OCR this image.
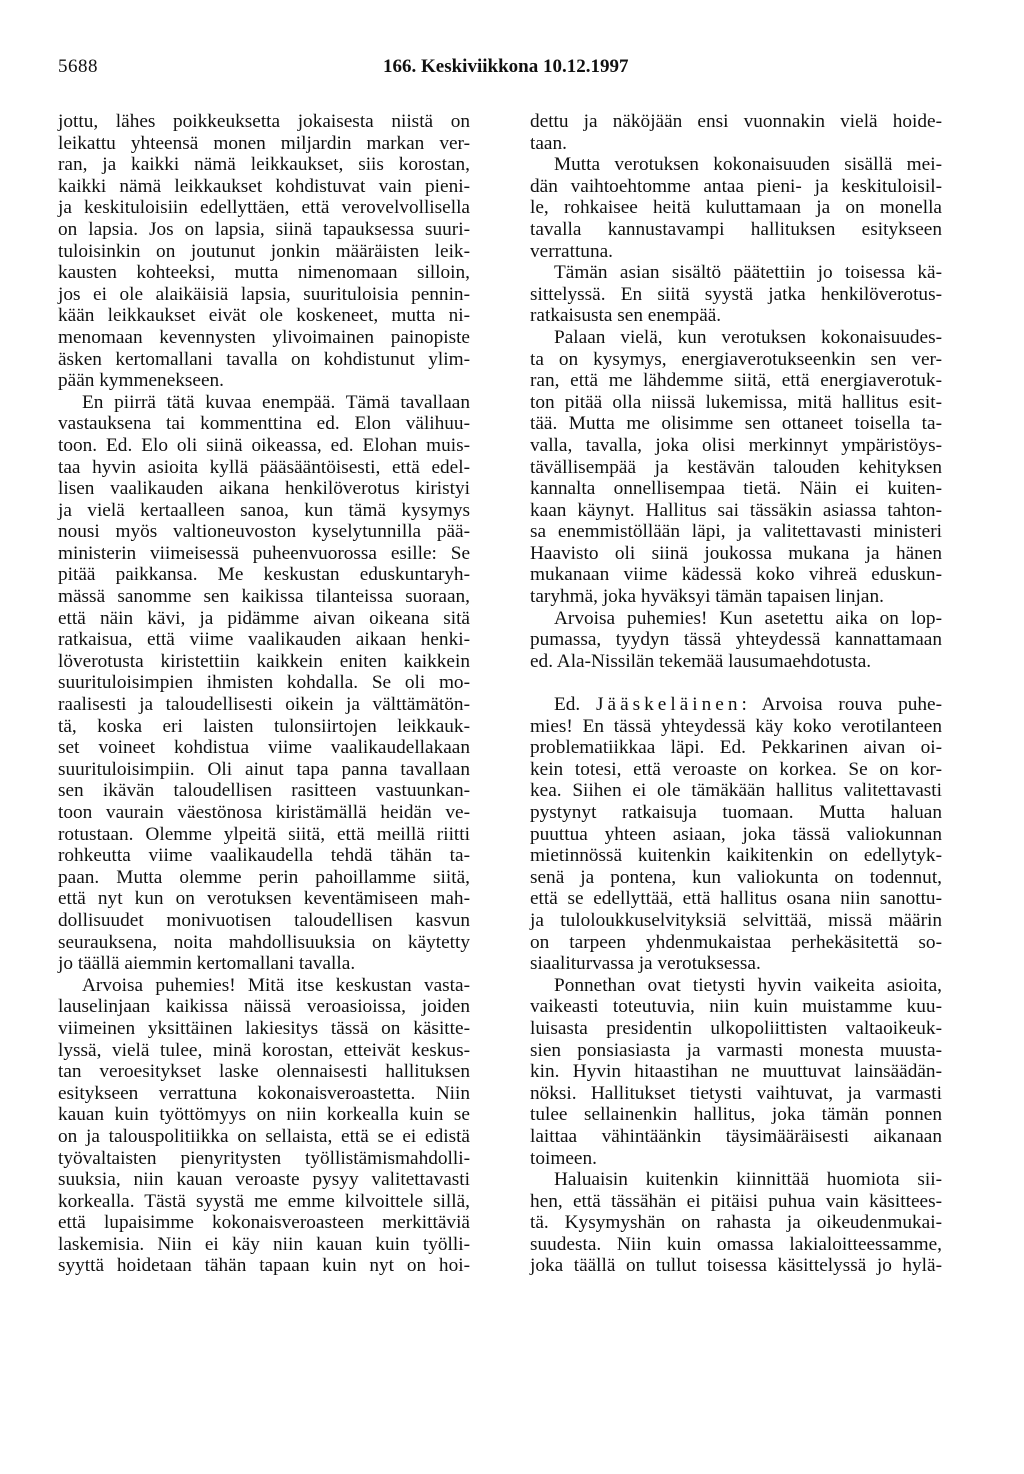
5688	166. Keskiviikkona 10.12.1997
jottu, lähes poikkeuksetta jokaisesta niistä on
leikattu yhteensä monen miljardin markan ver-
ran, ja kaikki nämä leikkaukset, siis korostan,
kaikki nämä leikkaukset kohdistuvat vain pieni-
ja keskituloisiin edellyttäen, että verovelvollisella
on lapsia. Jos on lapsia, siinä tapauksessa suuri-
tuloisinkin on joutunut jonkin määräisten leik-
kausten kohteeksi, mutta nimenomaan silloin,
jos ei ole alaikäisiä lapsia, suurituloisia pennin-
kään leikkaukset eivät ole koskeneet, mutta ni-
menomaan kevennysten ylivoimainen painopiste
äsken kertomallani tavalla on kohdistunut ylim-
pään kymmenekseen.
En piirrä tätä kuvaa enempää. Tämä tavallaan
vastauksena tai kommenttina ed. Elon välihuu-
toon. Ed. Elo oli siinä oikeassa, ed. Elohan muis-
taa hyvin asioita kyllä pääsääntöisesti, että edel-
lisen vaalikauden aikana henkilöverotus kiristyi
ja vielä kertaalleen sanoa, kun tämä kysymys
nousi myös valtioneuvoston kyselytunnilla pää-
ministerin viimeisessä puheenvuorossa esille: Se
pitää paikkansa. Me keskustan eduskuntaryh-
mässä sanomme sen kaikissa tilanteissa suoraan,
että näin kävi, ja pidämme aivan oikeana sitä
ratkaisua, että viime vaalikauden aikaan henki-
löverotusta kiristettiin kaikkein eniten kaikkein
suurituloisimpien ihmisten kohdalla. Se oli mo-
raalisesti ja taloudellisesti oikein ja välttämätön-
tä, koska eri laisten tulonsiirtojen leikkauk-
set voineet kohdistua viime vaalikaudellakaan
suurituloisimpiin. Oli ainut tapa panna tavallaan
sen ikävän taloudellisen rasitteen vastuunkan-
toon vaurain väestönosa kiristämällä heidän ve-
rotustaan. Olemme ylpeitä siitä, että meillä riitti
rohkeutta viime vaalikaudella tehdä tähän ta-
paan. Mutta olemme perin pahoillamme siitä,
että nyt kun on verotuksen keventämiseen mah-
dollisuudet monivuotisen taloudellisen kasvun
seurauksena, noita mahdollisuuksia on käytetty
jo täällä aiemmin kertomallani tavalla.
Arvoisa puhemies! Mitä itse keskustan vasta-
lauselinjaan kaikissa näissä veroasioissa, joiden
viimeinen yksittäinen lakiesitys tässä on käsitte-
lyssä, vielä tulee, minä korostan, etteivät keskus-
tan veroesitykset laske olennaisesti hallituksen
esitykseen verrattuna kokonaisveroastetta. Niin
kauan kuin työttömyys on niin korkealla kuin se
on ja talouspolitiikka on sellaista, että se ei edistä
työvaltaisten pienyritysten työllistämismahdolli-
suuksia, niin kauan veroaste pysyy valitettavasti
korkealla. Tästä syystä me emme kilvoittele sillä,
että lupaisimme kokonaisveroasteen merkittäviä
laskemisia. Niin ei käy niin kauan kuin työlli-
syyttä hoidetaan tähän tapaan kuin nyt on hoi-
dettu ja näköjään ensi vuonnakin vielä hoide-
taan.
Mutta verotuksen kokonaisuuden sisällä mei-
dän vaihtoehtomme antaa pieni- ja keskituloisil-
le, rohkaisee heitä kuluttamaan ja on monella
tavalla kannustavampi hallituksen esitykseen
verrattuna.
Tämän asian sisältö päätettiin jo toisessa kä-
sittelyssä. En siitä syystä jatka henkilöverotus-
ratkaisusta sen enempää.
Palaan vielä, kun verotuksen kokonaisuudes-
ta on kysymys, energiaverotukseenkin sen ver-
ran, että me lähdemme siitä, että energiaverotuk-
ton pitää olla niissä lukemissa, mitä hallitus esit-
tää. Mutta me olisimme sen ottaneet toisella ta-
valla, tavalla, joka olisi merkinnyt ympäristöys-
tävällisempää ja kestävän talouden kehityksen
kannalta onnellisempaa tietä. Näin ei kuiten-
kaan käynyt. Hallitus sai tässäkin asiassa tahton-
sa enemmistöllään läpi, ja valitettavasti ministeri
Haavisto oli siinä joukossa mukana ja hänen
mukanaan viime kädessä koko vihreä eduskun-
taryhmä, joka hyväksyi tämän tapaisen linjan.
Arvoisa puhemies! Kun asetettu aika on lop-
pumassa, tyydyn tässä yhteydessä kannattamaan
ed. Ala-Nissilän tekemää lausumaehdotusta.
Ed. Jääskeläinen: Arvoisa rouva puhe-
mies! En tässä yhteydessä käy koko verotilanteen
problematiikkaa läpi. Ed. Pekkarinen aivan oi-
kein totesi, että veroaste on korkea. Se on kor-
kea. Siihen ei ole tämäkään hallitus valitettavasti
pystynyt ratkaisuja tuomaan. Mutta haluan
puuttua yhteen asiaan, joka tässä valiokunnan
mietinnössä kuitenkin kaikitenkin on edellytyk-
senä ja pontena, kun valiokunta on todennut,
että se edellyttää, että hallitus osana niin sanottu-
ja tuloloukkuselvityksiä selvittää, missä määrin
on tarpeen yhdenmukaistaa perhekäsitettä so-
siaaliturvassa ja verotuksessa.
Ponnethan ovat tietysti hyvin vaikeita asioita,
vaikeasti toteutuvia, niin kuin muistamme kuu-
luisasta presidentin ulkopoliittisten valtaoikeuk-
sien ponsiasiasta ja varmasti monesta muusta-
kin. Hyvin hitaastihan ne muuttuvat lainsäädän-
nöksi. Hallitukset tietysti vaihtuvat, ja varmasti
tulee sellainenkin hallitus, joka tämän ponnen
laittaa vähintäänkin täysimääräisesti aikanaan
toimeen.
Haluaisin kuitenkin kiinnittää huomiota sii-
hen, että tässähän ei pitäisi puhua vain käsittees-
tä. Kysymyshän on rahasta ja oikeudenmukai-
suudesta. Niin kuin omassa lakialoitteessamme,
joka täällä on tullut toisessa käsittelyssä jo hylä-
